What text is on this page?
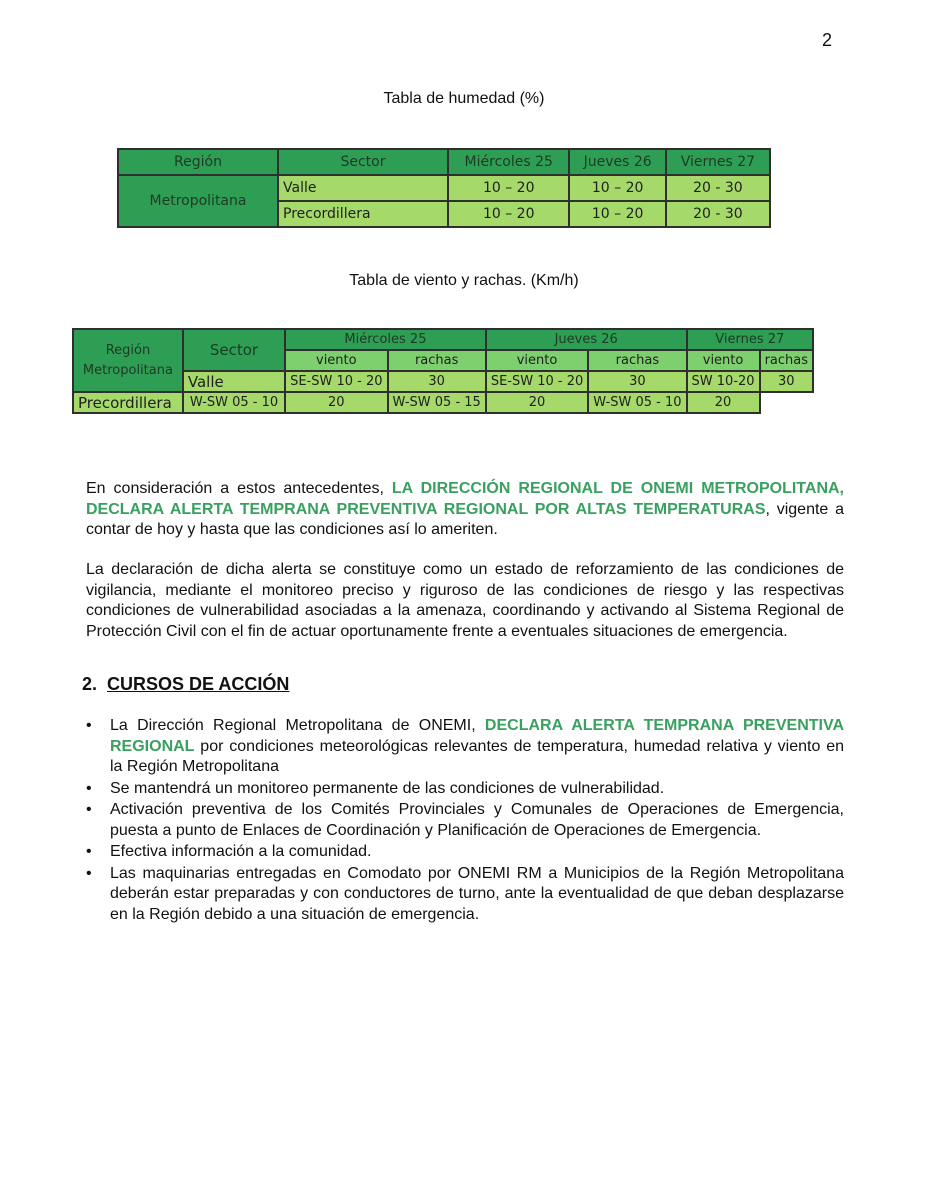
2
Tabla de humedad (%)
Región	Sector	Miércoles 25	Jueves 26	Viernes 27
Metropolitana	Valle	10 – 20	10 – 20	20 - 30
	Precordillera	10 – 20	10 – 20	20 - 30
Tabla de viento y rachas. (Km/h)
Región Metropolitana	Sector	Miércoles 25		Jueves 26		Viernes 27	
		viento	rachas	viento	rachas	viento	rachas
	Valle	SE-SW 10 - 20	30	SE-SW 10 - 20	30	SW 10-20	30
Precordillera	W-SW 05 - 10	20	W-SW 05 - 15	20	W-SW 05 - 10	20	
En consideración a estos antecedentes, LA DIRECCIÓN REGIONAL DE ONEMI METROPOLITANA, DECLARA ALERTA TEMPRANA PREVENTIVA REGIONAL POR ALTAS TEMPERATURAS, vigente a contar de hoy y hasta que las condiciones así lo ameriten.
La declaración de dicha alerta se constituye como un estado de reforzamiento de las condiciones de vigilancia, mediante el monitoreo preciso y riguroso de las condiciones de riesgo y las respectivas condiciones de vulnerabilidad asociadas a la amenaza, coordinando y activando al Sistema Regional de Protección Civil con el fin de actuar oportunamente frente a eventuales situaciones de emergencia.
2. CURSOS DE ACCIÓN
• La Dirección Regional Metropolitana de ONEMI, DECLARA ALERTA TEMPRANA PREVENTIVA REGIONAL por condiciones meteorológicas relevantes de temperatura, humedad relativa y viento en la Región Metropolitana
• Se mantendrá un monitoreo permanente de las condiciones de vulnerabilidad.
• Activación preventiva de los Comités Provinciales y Comunales de Operaciones de Emergencia, puesta a punto de Enlaces de Coordinación y Planificación de Operaciones de Emergencia.
• Efectiva información a la comunidad.
• Las maquinarias entregadas en Comodato por ONEMI RM a Municipios de la Región Metropolitana deberán estar preparadas y con conductores de turno, ante la eventualidad de que deban desplazarse en la Región debido a una situación de emergencia.
